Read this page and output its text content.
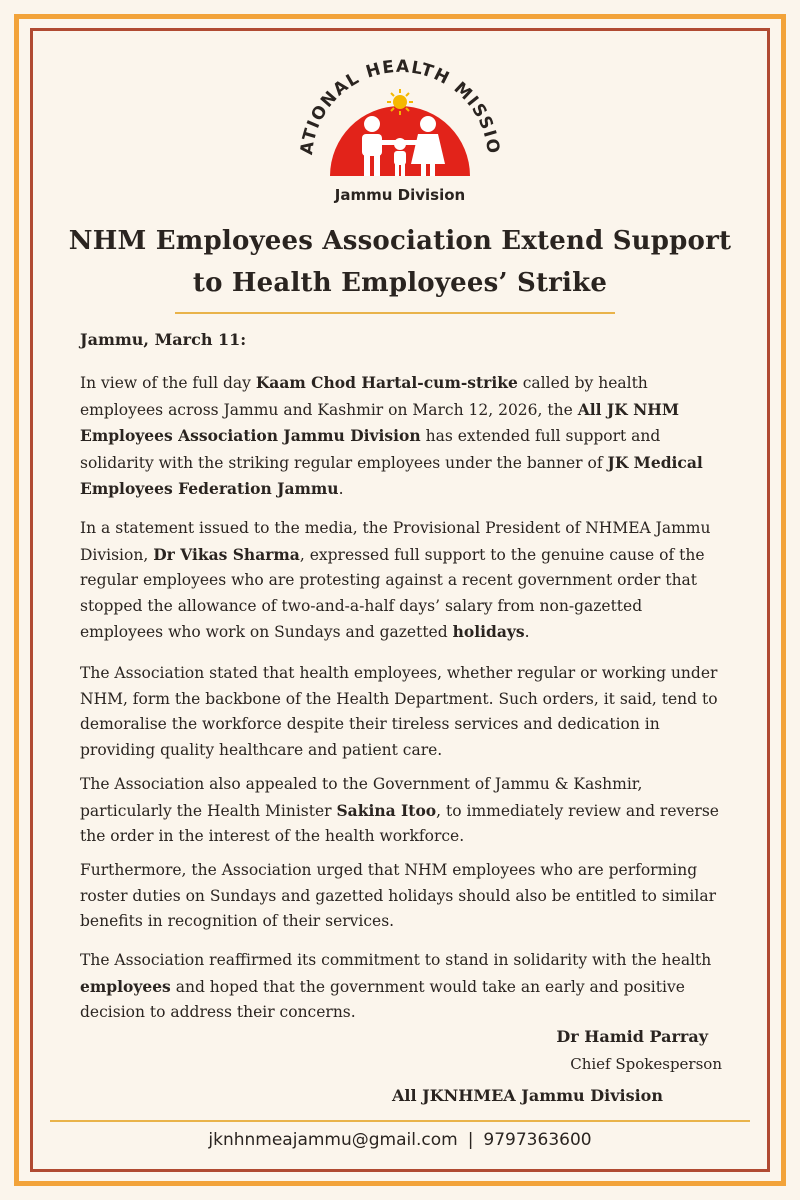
ATIONAL HEALTH MISSIO
Jammu Division
NHM Employees Association Extend Support
to Health Employees’ Strike
Jammu, March 11:

In view of the full day Kaam Chod Hartal-cum-strike called by health employees across Jammu and Kashmir on March 12, 2026, the All JK NHM Employees Association Jammu Division has extended full support and solidarity with the striking regular employees under the banner of JK Medical Employees Federation Jammu.

In a statement issued to the media, the Provisional President of NHMEA Jammu Division, Dr Vikas Sharma, expressed full support to the genuine cause of the regular employees who are protesting against a recent government order that stopped the allowance of two-and-a-half days’ salary from non-gazetted employees who work on Sundays and gazetted holidays.

The Association stated that health employees, whether regular or working under NHM, form the backbone of the Health Department. Such orders, it said, tend to demoralise the workforce despite their tireless services and dedication in providing quality healthcare and patient care.

The Association also appealed to the Government of Jammu & Kashmir, particularly the Health Minister Sakina Itoo, to immediately review and reverse the order in the interest of the health workforce.

Furthermore, the Association urged that NHM employees who are performing roster duties on Sundays and gazetted holidays should also be entitled to similar benefits in recognition of their services.

The Association reaffirmed its commitment to stand in solidarity with the health employees and hoped that the government would take an early and positive decision to address their concerns.

Dr Hamid Parray
Chief Spokesperson
All JKNHMEA Jammu Division
jknhnmeajammu@gmail.com | 9797363600
